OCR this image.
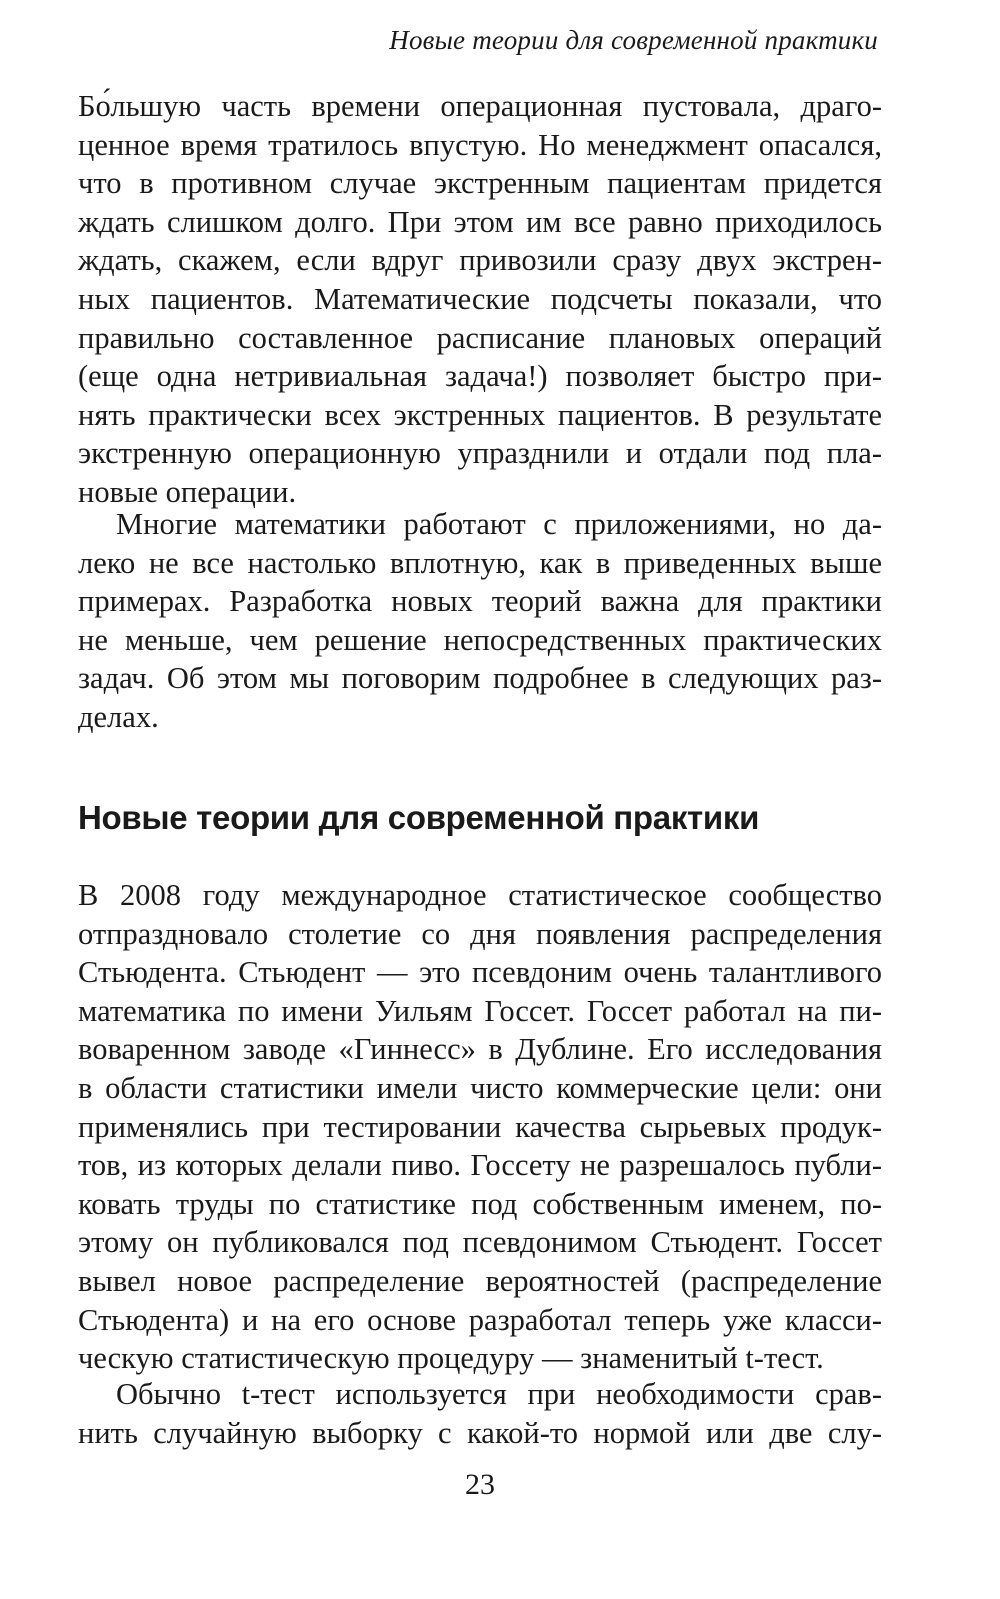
Новые теории для современной практики
Бо́льшую часть времени операционная пустовала, драго-
ценное время тратилось впустую. Но менеджмент опасался,
что в противном случае экстренным пациентам придется
ждать слишком долго. При этом им все равно приходилось
ждать, скажем, если вдруг привозили сразу двух экстрен-
ных пациентов. Математические подсчеты показали, что
правильно составленное расписание плановых операций
(еще одна нетривиальная задача!) позволяет быстро при-
нять практически всех экстренных пациентов. В результате
экстренную операционную упразднили и отдали под пла-
новые операции.
Многие математики работают с приложениями, но да-
леко не все настолько вплотную, как в приведенных выше
примерах. Разработка новых теорий важна для практики
не меньше, чем решение непосредственных практических
задач. Об этом мы поговорим подробнее в следующих раз-
делах.
Новые теории для современной практики
В 2008 году международное статистическое сообщество
отпраздновало столетие со дня появления распределения
Стьюдента. Стьюдент — это псевдоним очень талантливого
математика по имени Уильям Госсет. Госсет работал на пи-
воваренном заводе «Гиннесс» в Дублине. Его исследования
в области статистики имели чисто коммерческие цели: они
применялись при тестировании качества сырьевых продук-
тов, из которых делали пиво. Госсету не разрешалось публи-
ковать труды по статистике под собственным именем, по-
этому он публиковался под псевдонимом Стьюдент. Госсет
вывел новое распределение вероятностей (распределение
Стьюдента) и на его основе разработал теперь уже класси-
ческую статистическую процедуру — знаменитый t-тест.
Обычно t-тест используется при необходимости срав-
нить случайную выборку с какой-то нормой или две слу-
23
